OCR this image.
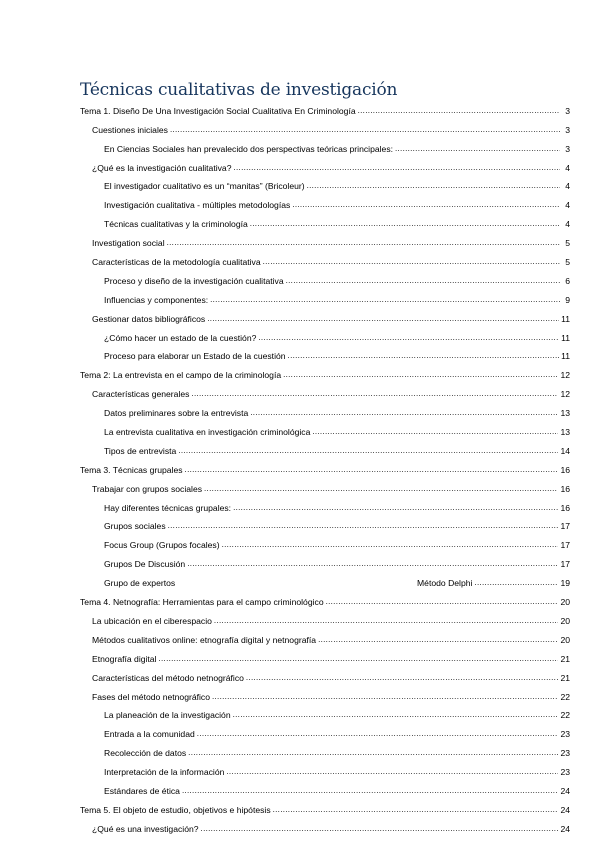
Técnicas cualitativas de investigación
Tema 1. Diseño De Una Investigación Social Cualitativa En Criminología .....	3
Cuestiones iniciales .....	3
En Ciencias Sociales han prevalecido dos perspectivas teóricas principales: .....	3
¿Qué es la investigación cualitativa? .....	4
El investigador cualitativo es un “manitas” (Bricoleur) .....	4
Investigación cualitativa - múltiples metodologías .....	4
Técnicas cualitativas y la criminología .....	4
Investigation social .....	5
Características de la metodología cualitativa .....	5
Proceso y diseño de la investigación cualitativa .....	6
Influencias y componentes: .....	9
Gestionar datos bibliográficos .....	11
¿Cómo hacer un estado de la cuestión? .....	11
Proceso para elaborar un Estado de la cuestión .....	11
Tema 2: La entrevista en el campo de la criminología .....	12
Características generales .....	12
Datos preliminares sobre la entrevista .....	13
La entrevista cualitativa en investigación criminológica .....	13
Tipos de entrevista .....	14
Tema 3. Técnicas grupales .....	16
Trabajar con grupos sociales .....	16
Hay diferentes técnicas grupales: .....	16
Grupos sociales .....	17
Focus Group (Grupos focales) .....	17
Grupos De Discusión .....	17
Grupo de expertos	Método Delphi .....	19
Tema 4. Netnografía: Herramientas para el campo criminológico .....	20
La ubicación en el ciberespacio .....	20
Métodos cualitativos online: etnografía digital y netnografía .....	20
Etnografía digital .....	21
Características del método netnográfico .....	21
Fases del método netnográfico .....	22
La planeación de la investigación .....	22
Entrada a la comunidad .....	23
Recolección de datos .....	23
Interpretación de la información .....	23
Estándares de ética .....	24
Tema 5. El objeto de estudio, objetivos e hipótesis .....	24
¿Qué es una investigación? .....	24
